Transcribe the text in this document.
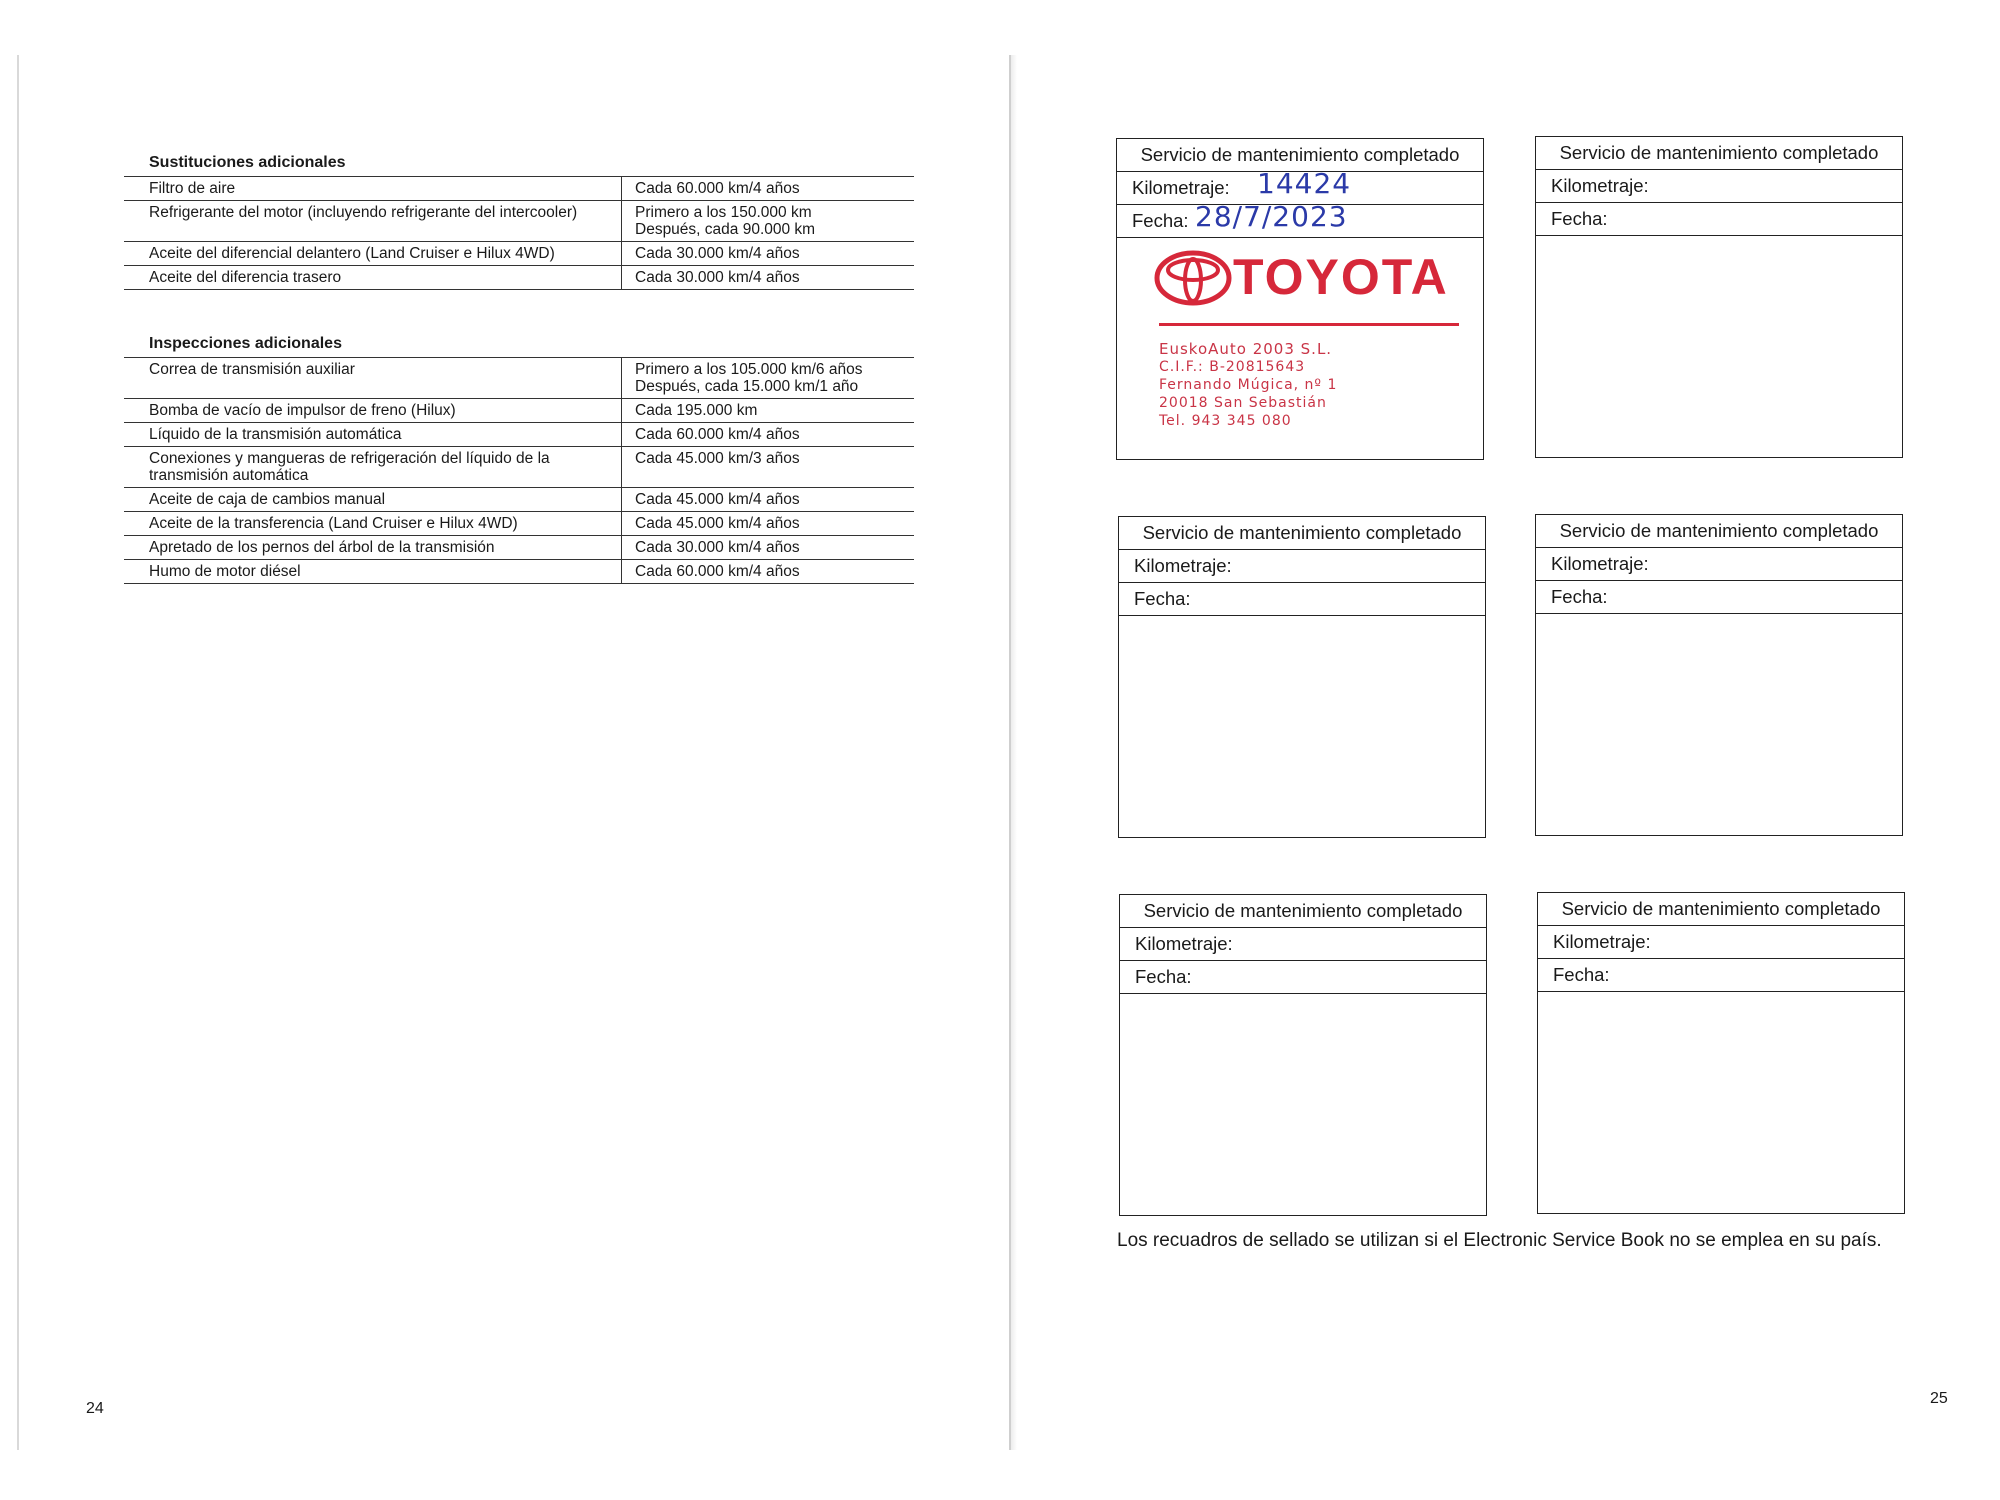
Sustituciones adicionales
Filtro de aire	Cada 60.000 km/4 años

Refrigerante del motor (incluyendo refrigerante del intercooler)	Primero a los 150.000 km
Después, cada 90.000 km

Aceite del diferencial delantero (Land Cruiser e Hilux 4WD)	Cada 30.000 km/4 años

Aceite del diferencia trasero	Cada 30.000 km/4 años
Inspecciones adicionales
Correa de transmisión auxiliar	Primero a los 105.000 km/6 años
Después, cada 15.000 km/1 año

Bomba de vacío de impulsor de freno (Hilux)	Cada 195.000 km

Líquido de la transmisión automática	Cada 60.000 km/4 años

Conexiones y mangueras de refrigeración del líquido de la
transmisión automática	Cada 45.000 km/3 años

Aceite de caja de cambios manual	Cada 45.000 km/4 años

Aceite de la transferencia (Land Cruiser e Hilux 4WD)	Cada 45.000 km/4 años

Apretado de los pernos del árbol de la transmisión	Cada 30.000 km/4 años

Humo de motor diésel	Cada 60.000 km/4 años
24
Servicio de mantenimiento completado
Kilometraje: 14424
Fecha: 28/7/2023
TOYOTA
EuskoAuto 2003 S.L.
C.I.F.: B-20815643
Fernando Múgica, nº 1
20018 San Sebastián
Tel. 943 345 080
Servicio de mantenimiento completado
Kilometraje:
Fecha:
Servicio de mantenimiento completado
Kilometraje:
Fecha:
Servicio de mantenimiento completado
Kilometraje:
Fecha:
Servicio de mantenimiento completado
Kilometraje:
Fecha:
Servicio de mantenimiento completado
Kilometraje:
Fecha:
Los recuadros de sellado se utilizan si el Electronic Service Book no se emplea en su país.
25
